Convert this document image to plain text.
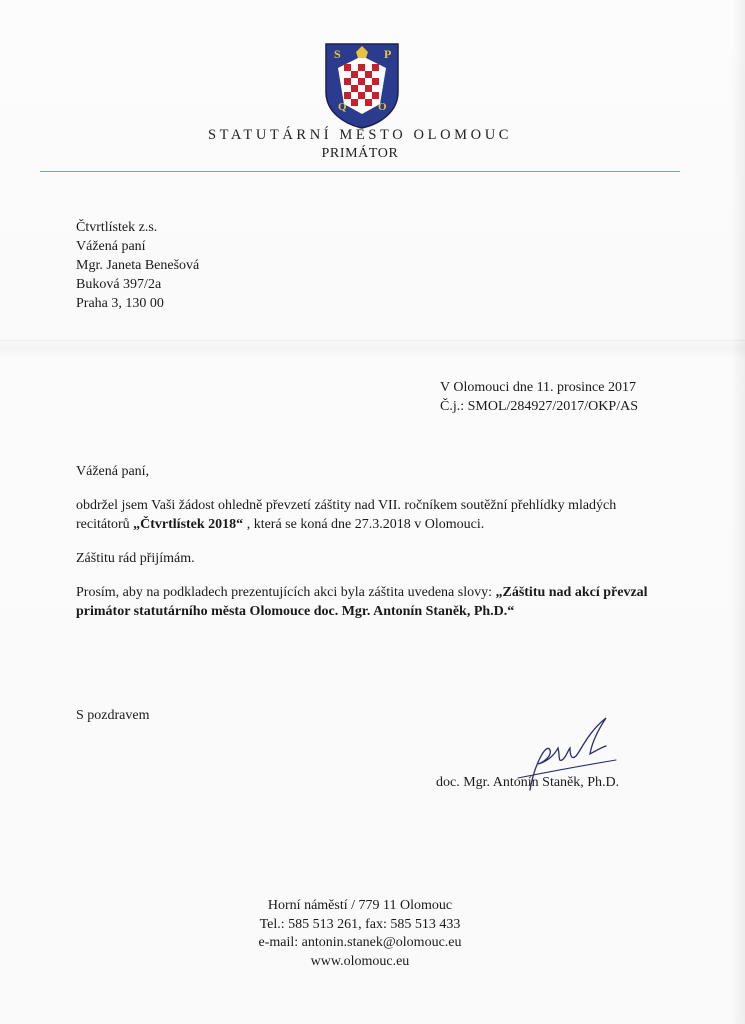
S	P
Q	O
STATUTÁRNÍ MĚSTO OLOMOUC
PRIMÁTOR
Čtvrtlístek z.s.
Vážená paní
Mgr. Janeta Benešová
Buková 397/2a
Praha 3, 130 00
V Olomouci dne 11. prosince 2017
Č.j.: SMOL/284927/2017/OKP/AS

Vážená paní,

obdržel jsem Vaši žádost ohledně převzetí záštity nad VII. ročníkem soutěžní přehlídky mladých recitátorů „Čtvrtlístek 2018“ , která se koná dne 27.3.2018 v Olomouci.

Záštitu rád přijímám.

Prosím, aby na podkladech prezentujících akci byla záštita uvedena slovy: „Záštitu nad akcí převzal primátor statutárního města Olomouce doc. Mgr. Antonín Staněk, Ph.D.“

S pozdravem
doc. Mgr. Antonín Staněk, Ph.D.
Horní náměstí / 779 11 Olomouc
Tel.: 585 513 261, fax: 585 513 433
e-mail: antonin.stanek@olomouc.eu
www.olomouc.eu
